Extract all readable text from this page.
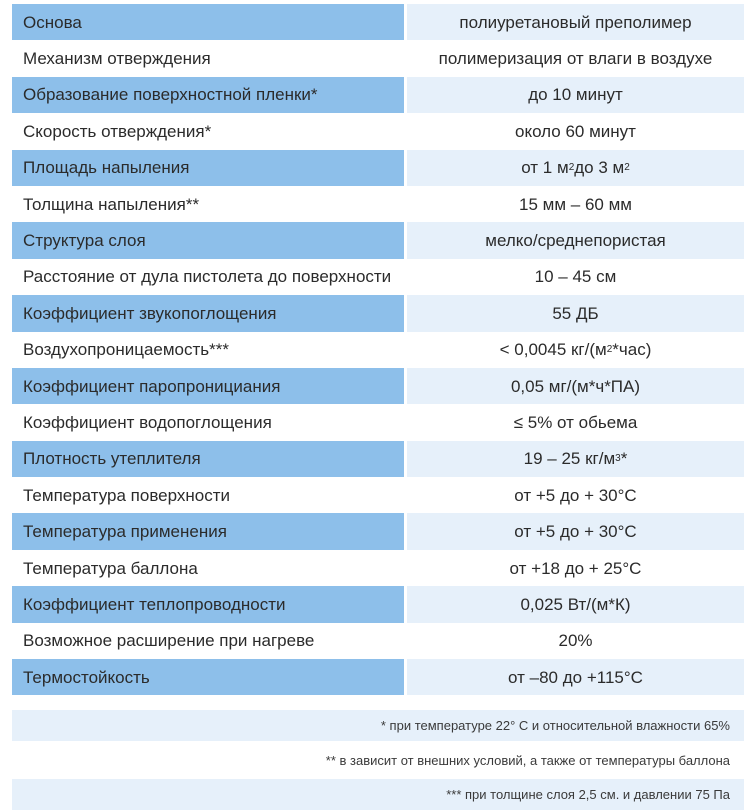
Основа	полиуретановый преполимер
Механизм отверждения	полимеризация от влаги в воздухе
Образование поверхностной пленки*	до 10 минут
Скорость отверждения*	около 60 минут
Площадь напыления	от 1 м 2 до 3 м 2
Толщина напыления**	15 мм – 60 мм
Структура слоя	мелко/среднепористая
Расстояние от дула пистолета до поверхности	10 – 45 см
Коэффициент звукопоглощения	55 ДБ
Воздухопроницаемость***	< 0,0045 кг/(м 2 *час)
Коэффициент паропронициания	0,05 мг/(м*ч*ПА)
Коэффициент водопоглощения	≤ 5% от обьема
Плотность утеплителя	19 – 25 кг/м 3 *
Температура поверхности	от +5 до + 30°С
Температура применения	от +5 до + 30°С
Температура баллона	от +18 до + 25°С
Коэффициент теплопроводности	0,025 Вт/(м*К)
Возможное расширение при нагреве	20%
Термостойкость	от –80 до +115°С
* при температуре 22° С и относительной влажности 65%
** в зависит от внешних условий, а также от температуры баллона
*** при толщине слоя 2,5 см. и давлении 75 Па
